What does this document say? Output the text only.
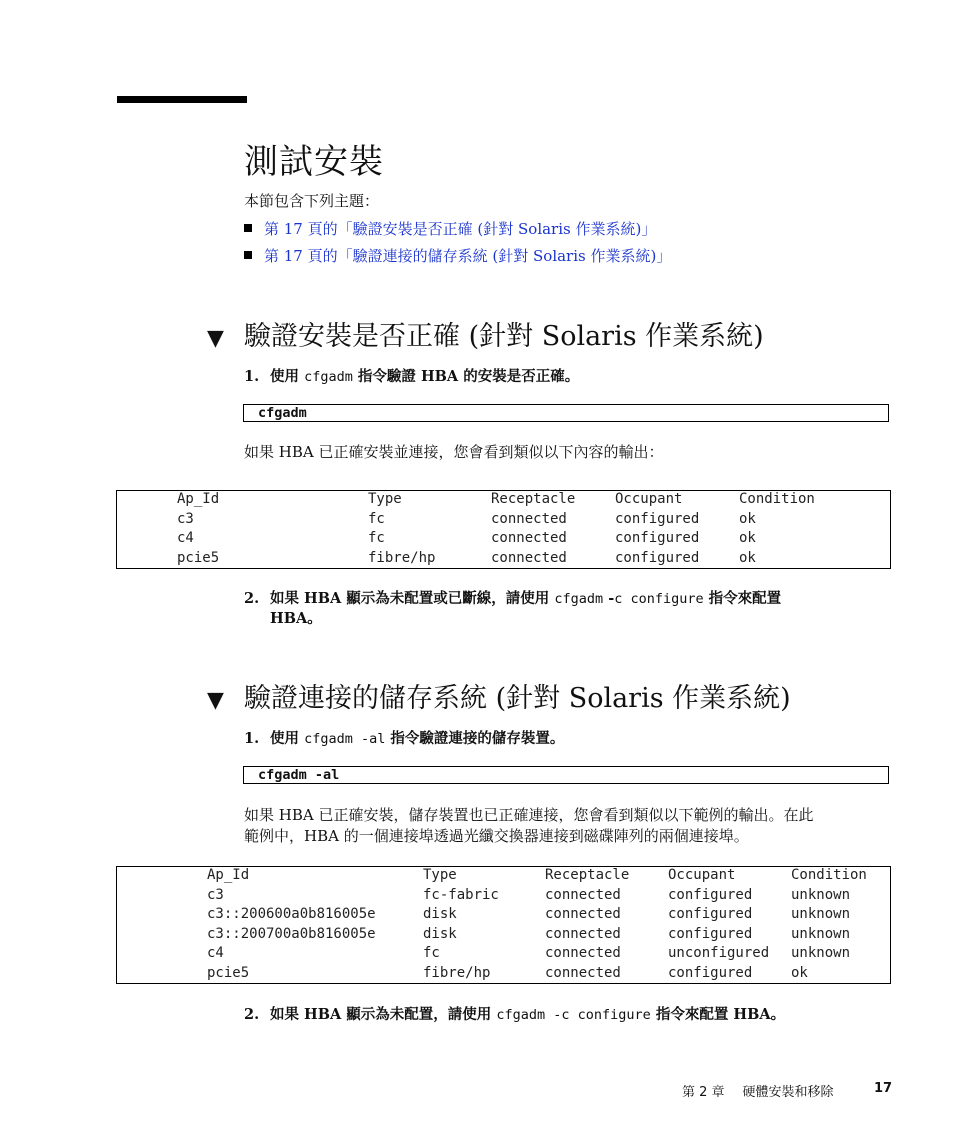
測試安裝
本節包含下列主題：
第 17 頁的「驗證安裝是否正確 (針對 Solaris 作業系統)」
第 17 頁的「驗證連接的儲存系統 (針對 Solaris 作業系統)」
▼ 驗證安裝是否正確 (針對 Solaris 作業系統)
1. 使用 cfgadm 指令驗證 HBA 的安裝是否正確。
cfgadm
如果 HBA 已正確安裝並連接，您會看到類似以下內容的輸出：
Ap_Id	Type	Receptacle	Occupant	Condition
c3	fc	connected	configured	ok
c4	fc	connected	configured	ok
pcie5	fibre/hp	connected	configured	ok
2. 如果 HBA 顯示為未配置或已斷線，請使用 cfgadm -c configure 指令來配置
HBA。
▼ 驗證連接的儲存系統 (針對 Solaris 作業系統)
1. 使用 cfgadm -al 指令驗證連接的儲存裝置。
cfgadm -al
如果 HBA 已正確安裝，儲存裝置也已正確連接，您會看到類似以下範例的輸出。在此
範例中，HBA 的一個連接埠透過光纖交換器連接到磁碟陣列的兩個連接埠。
Ap_Id	Type	Receptacle	Occupant	Condition
c3	fc-fabric	connected	configured	unknown
c3::200600a0b816005e	disk	connected	configured	unknown
c3::200700a0b816005e	disk	connected	configured	unknown
c4	fc	connected	unconfigured unknown
pcie5	fibre/hp	connected	configured	ok
2. 如果 HBA 顯示為未配置，請使用 cfgadm -c configure 指令來配置 HBA。
第 2 章 硬體安裝和移除	17
